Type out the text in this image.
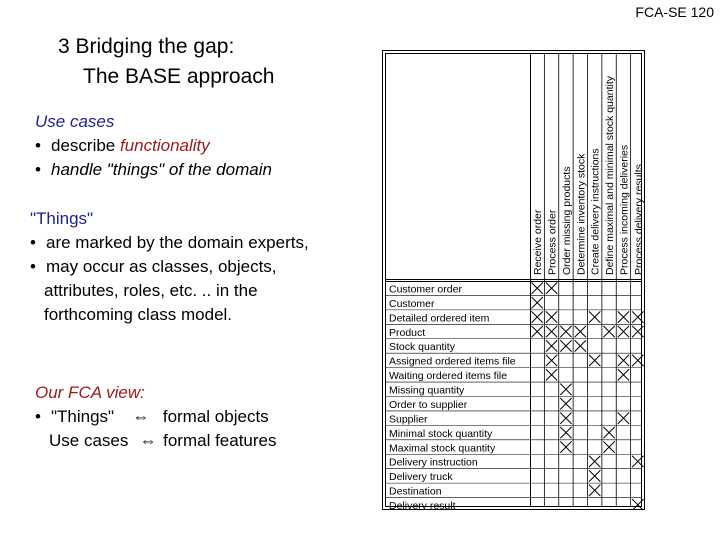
FCA-SE 120
3 Bridging the gap:
The BASE approach
Use cases
• describe functionality
• handle "things" of the domain
"Things"
• are marked by the domain experts,
• may occur as classes, objects,
attributes, roles, etc. .. in the
forthcoming class model.
Our FCA view:
• "Things" ⇔ formal objects
Use cases ⇔ formal features
Receive order Process order Order missing products Determine inventory stock Create delivery instructions Define maximal and minimal stock quantity Process incoming deliveries Process delivery results
Customer order
Customer
Detailed ordered item
Product
Stock quantity
Assigned ordered items file
Waiting ordered items file
Missing quantity
Order to supplier
Supplier
Minimal stock quantity
Maximal stock quantity
Delivery instruction
Delivery truck
Destination
Delivery result
